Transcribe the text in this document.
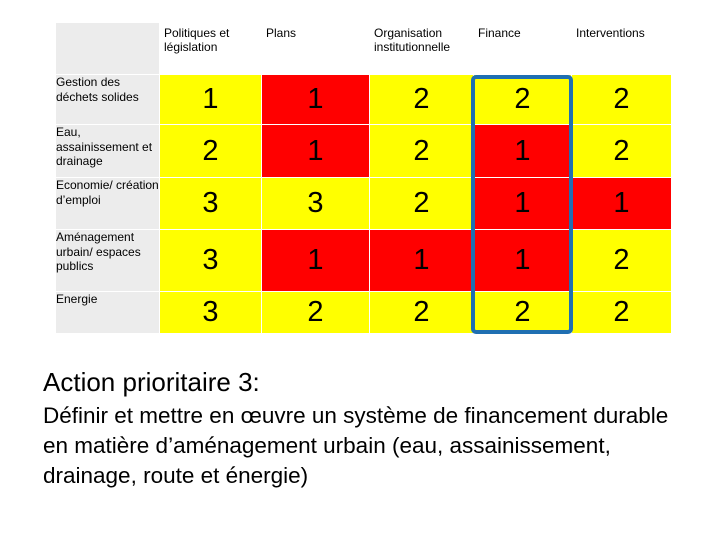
	Politiques et législation	Plans	Organisation institutionnelle	Finance	Interventions
Gestion des déchets solides	1	1	2	2	2
Eau, assainissement et drainage	2	1	2	1	2
Economie/ création d’emploi	3	3	2	1	1
Aménagement urbain/ espaces publics	3	1	1	1	2
Energie	3	2	2	2	2

Action prioritaire 3:

Définir et mettre en œuvre un système de financement durable en matière d’aménagement urbain (eau, assainissement, drainage, route et énergie)
